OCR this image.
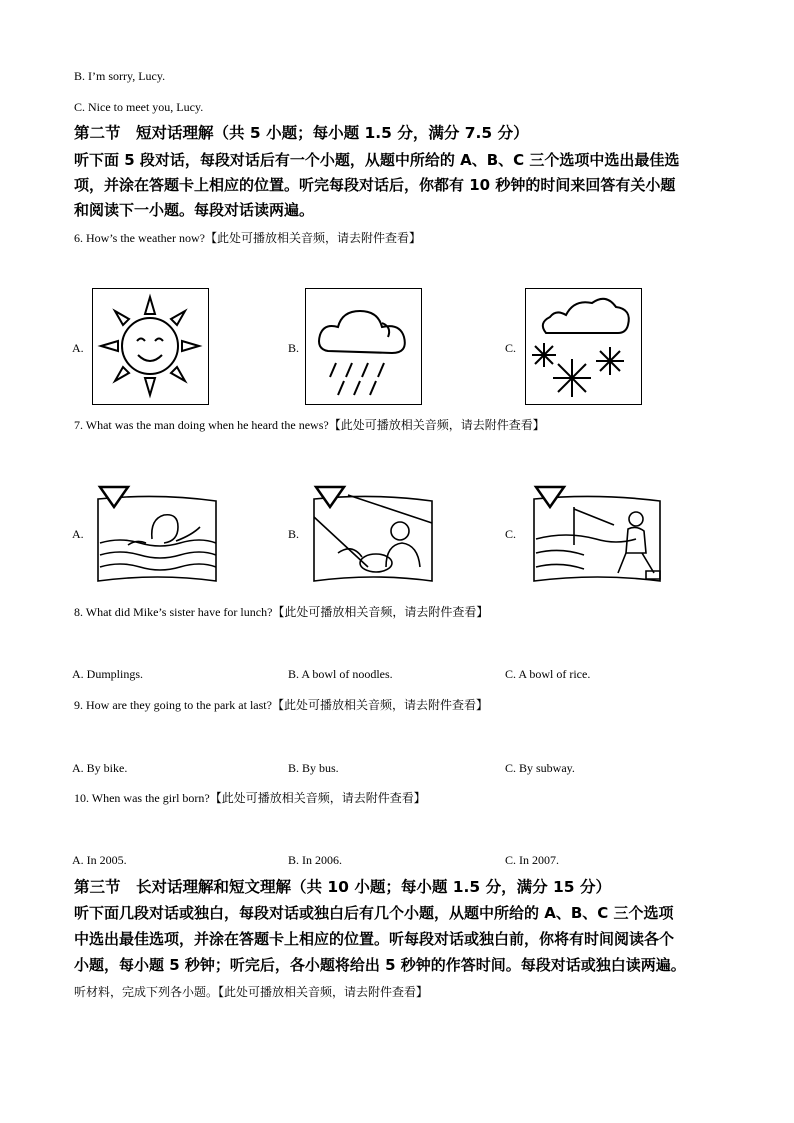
B. I’m sorry, Lucy.
C. Nice to meet you, Lucy.
第二节　短对话理解（共 5 小题；每小题 1.5 分，满分 7.5 分）
听下面 5 段对话，每段对话后有一个小题，从题中所给的 A、B、C 三个选项中选出最佳选
项，并涂在答题卡上相应的位置。听完每段对话后，你都有 10 秒钟的时间来回答有关小题
和阅读下一小题。每段对话读两遍。
6. How’s the weather now?【此处可播放相关音频，请去附件查看】
A.	B.	C.
7. What was the man doing when he heard the news?【此处可播放相关音频，请去附件查看】
A.	B.	C.
8. What did Mike’s sister have for lunch?【此处可播放相关音频，请去附件查看】
A. Dumplings.	B. A bowl of noodles.	C. A bowl of rice.
9. How are they going to the park at last?【此处可播放相关音频，请去附件查看】
A. By bike.	B. By bus.	C. By subway.
10. When was the girl born?【此处可播放相关音频，请去附件查看】
A. In 2005.	B. In 2006.	C. In 2007.
第三节　长对话理解和短文理解（共 10 小题；每小题 1.5 分，满分 15 分）
听下面几段对话或独白，每段对话或独白后有几个小题，从题中所给的 A、B、C 三个选项
中选出最佳选项，并涂在答题卡上相应的位置。听每段对话或独白前，你将有时间阅读各个
小题，每小题 5 秒钟；听完后，各小题将给出 5 秒钟的作答时间。每段对话或独白读两遍。
听材料，完成下列各小题。【此处可播放相关音频，请去附件查看】
